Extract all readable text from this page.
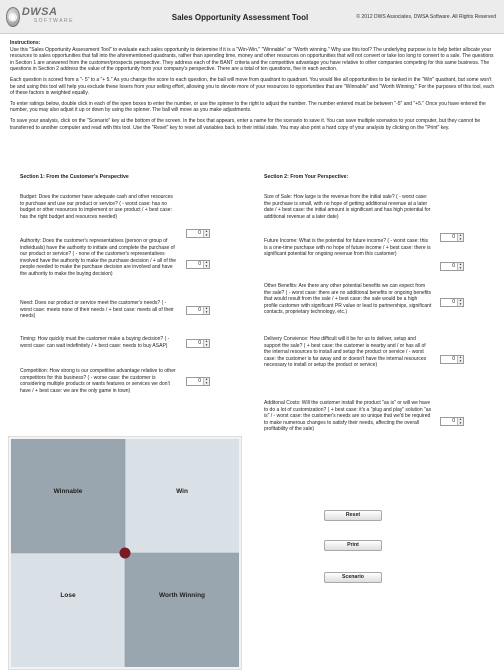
◉ DWSA
SOFTWARE	Sales Opportunity Assessment Tool	© 2012 DWS Associates, DWSA Software. All Rights Reserved
Instructions:

Use this "Sales Opportunity Assessment Tool" to evaluate each sales opportunity to determine if it is a "Win-Win," "Winnable" or "Worth winning." Why use this tool? The underlying purpose is to help better allocate your resources to sales opportunities that fall into the aforementioned quadrants, rather than spending time, money and other resources on opportunities that will not convert or take too long to convert to a sale. The questions in Section 1 are answered from the customer/prospects perspective. They address each of the BANT criteria and the competitive advantage you have relative to other companies competing for this same business. The questions in Section 2 address the value of the opportunity from your company's perspective. There are a total of ten questions, five in each section.

Each question is scored from a "- 5" to a "+ 5." As you change the score to each question, the ball will move from quadrant to quadrant. You would like all opportunities to be ranked in the "Win" quadrant, but some won't be and using this tool will help you exclude these losers from your selling effort, allowing you to devote more of your resources to opportunities that are "Winnable" and "Worth Winning." For the purposes of this tool, each of these factors is weighted equally.

To enter ratings below, double click in each of the open boxes to enter the number, or use the spinner to the right to adjust the number. The number entered must be between "-5" and "+5." Once you have entered the number, you may also adjust it up or down by using the spinner. The ball will move as you make adjustments.

To save your analysis, click on the "Scenario" key at the bottom of the screen. In the box that appears, enter a name for the scenario to save it. You can save multiple scenarios to your computer, but they cannot be transferred to another computer and read with this tool. Use the "Reset" key to reset all variables back to their initial state. You may also print a hard copy of your analysis by clicking on the "Print" key.

Section 1: From the Customer's Perspective
Budget: Does the customer have adequate cash and other resources to purchase and use our product or service? ( - worst case: has no budget or other resources to implement or use product / + best case: has the right budget and resources needed)
0	▲
▼
Authority: Does the customer's representatives (person or group of individuals) have the authority to initiate and complete the purchase of our product or service? ( - none of the customer's representatives involved have the authority to make the purchase decision / + all of the people needed to make the purchase decision are involved and have the authority to make the buying decision)
0	▲
▼
Need: Does our product or service meet the customer's needs? ( - worst case: meets none of their needs / + best case: meets all of their needs)
0	▲
▼
Timing: How quickly must the customer make a buying decision? ( - worst case: can wait indefinitely / + best case: needs to buy ASAP)	0	▲
▼
Competition: How strong is our competitive advantage relative to other competitors for this business? ( - worse case: the customer is considering multiple products or wants features or services we don't have / + best case: we are the only game in town)
0	▲
▼
Section 2: From Your Perspective:
Size of Sale: How large is the revenue from the initial sale? ( - worst case: the purchase is small, with no hope of getting additional revenue at a later date / + best case: the initial amount is significant and has high potential for additional revenue at a later date)
0	▲
▼
Future Income: What is the potential for future income? ( - worst case: this is a one-time purchase with no hope of future income / + best case: there is significant potential for ongoing revenue from this customer)
0	▲
▼
Other Benefits: Are there any other potential benefits we can expect from the sale? ( - worst case: there are no additional benefits or ongoing benefits that would result from the sale / + best case: the sale would be a high profile customer with significant PR value or lead to partnerships, significant contacts, proprietary technology, etc.)
0	▲
▼
Delivery Convience: How difficult will it be for us to deliver, setup and support the sale? ( + best case: the customer is nearby and / or has all of the internal resources to install and setup the product or service / - worst case: the customer is far away and or doesn't have the internal resources necessary to install or setup the product or service)
0	▲
▼
Additonal Costs: Will the customer install the product "as is" or will we have to do a lot of customization? ( + best case: it's a "plug and play" solution "as is" / - worst case: the customer's needs are so unique that we'd be required to make numerous changes to satisfy their needs, affecting the overall profitability of the sale)
0	▲
▼
Winnable	Win
Lose	Worth Winning
Reset
Print
Scenario
